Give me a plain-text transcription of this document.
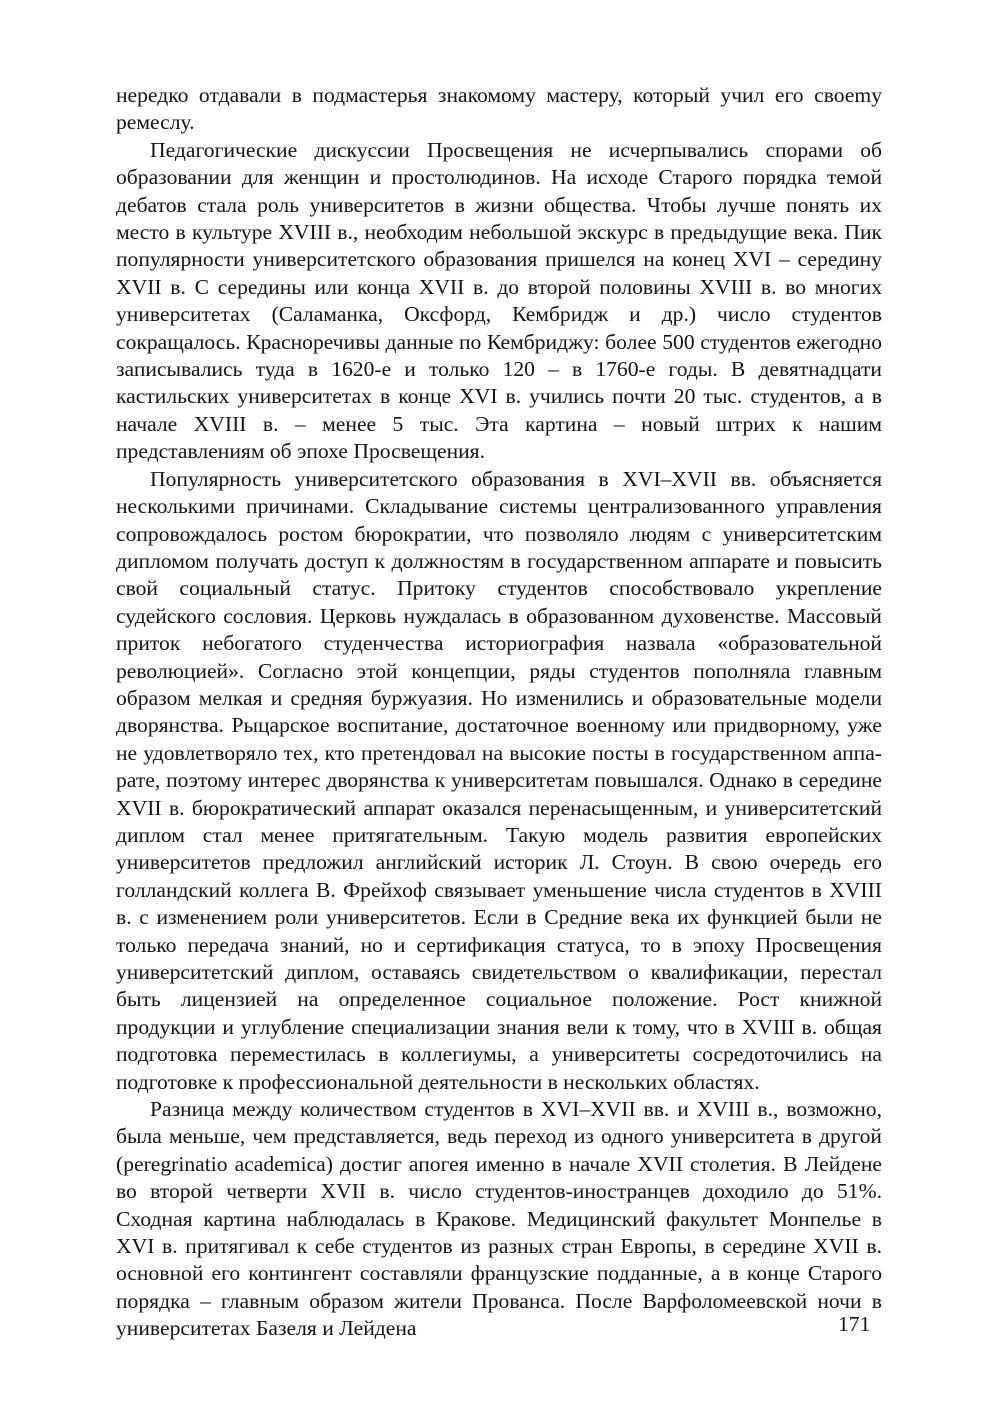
нередко отдавали в подмастерья знакомому мастеру, который учил его своеmу ремеслу.

Педагогические дискуссии Просвещения не исчерпывались спорами об образовании для женщин и простолюдинов. На исходе Старого порядка темой дебатов стала роль университетов в жизни общества. Чтобы лучше понять их место в культуре XVIII в., необходим небольшой экскурс в предыдущие века. Пик популярности университетского образования пришелся на конец XVI – середину XVII в. С середины или конца XVII в. до второй половины XVIII в. во многих университетах (Саламанка, Оксфорд, Кембридж и др.) число студентов сокращалось. Красноречивы данные по Кембриджу: более 500 студентов ежегодно записывались туда в 1620-е и только 120 – в 1760-е годы. В девятнадцати кастильских университетах в конце XVI в. учились почти 20 тыс. студентов, а в начале XVIII в. – менее 5 тыс. Эта картина – новый штрих к нашим представлениям об эпохе Просвещения.

Популярность университетского образования в XVI–XVII вв. объясняется несколькими причинами. Складывание системы централизованного управления сопровождалось ростом бюрократии, что позволяло людям с университетским дипломом получать доступ к должностям в государственном аппарате и повысить свой социальный статус. Притоку студентов способствовало укрепление судейского сословия. Церковь нуждалась в образованном духовенстве. Массовый приток небогатого студенчества историография назвала «образовательной революцией». Согласно этой концепции, ряды студентов пополняла главным образом мелкая и средняя буржуазия. Но изменились и образовательные модели дворянства. Рыцарское воспитание, достаточное военному или придворному, уже не удовлетворяло тех, кто претендовал на высокие посты в государственном аппарате, поэтому интерес дворянства к университетам повышался. Однако в середине XVII в. бюрократический аппарат оказался перенасыщенным, и университетский диплом стал менее притягательным. Такую модель развития европейских университетов предложил английский историк Л. Стоун. В свою очередь его голландский коллега В. Фрейхоф связывает уменьшение числа студентов в XVIII в. с изменением роли университетов. Если в Средние века их функцией были не только передача знаний, но и сертификация статуса, то в эпоху Просвещения университетский диплом, оставаясь свидетельством о квалификации, перестал быть лицензией на определенное социальное положение. Рост книжной продукции и углубление специализации знания вели к тому, что в XVIII в. общая подготовка переместилась в коллегиумы, а университеты сосредоточились на подготовке к профессиональной деятельности в нескольких областях.

Разница между количеством студентов в XVI–XVII вв. и XVIII в., возможно, была меньше, чем представляется, ведь переход из одного университета в другой (peregrinatio academica) достиг апогея именно в начале XVII столетия. В Лейдене во второй четверти XVII в. число студентов-иностранцев доходило до 51%. Сходная картина наблюдалась в Кракове. Медицинский факультет Монпелье в XVI в. притягивал к себе студентов из разных стран Европы, в середине XVII в. основной его контингент составляли французские подданные, а в конце Старого порядка – главным образом жители Прованса. После Варфоломеевской ночи в университетах Базеля и Лейдена	171
